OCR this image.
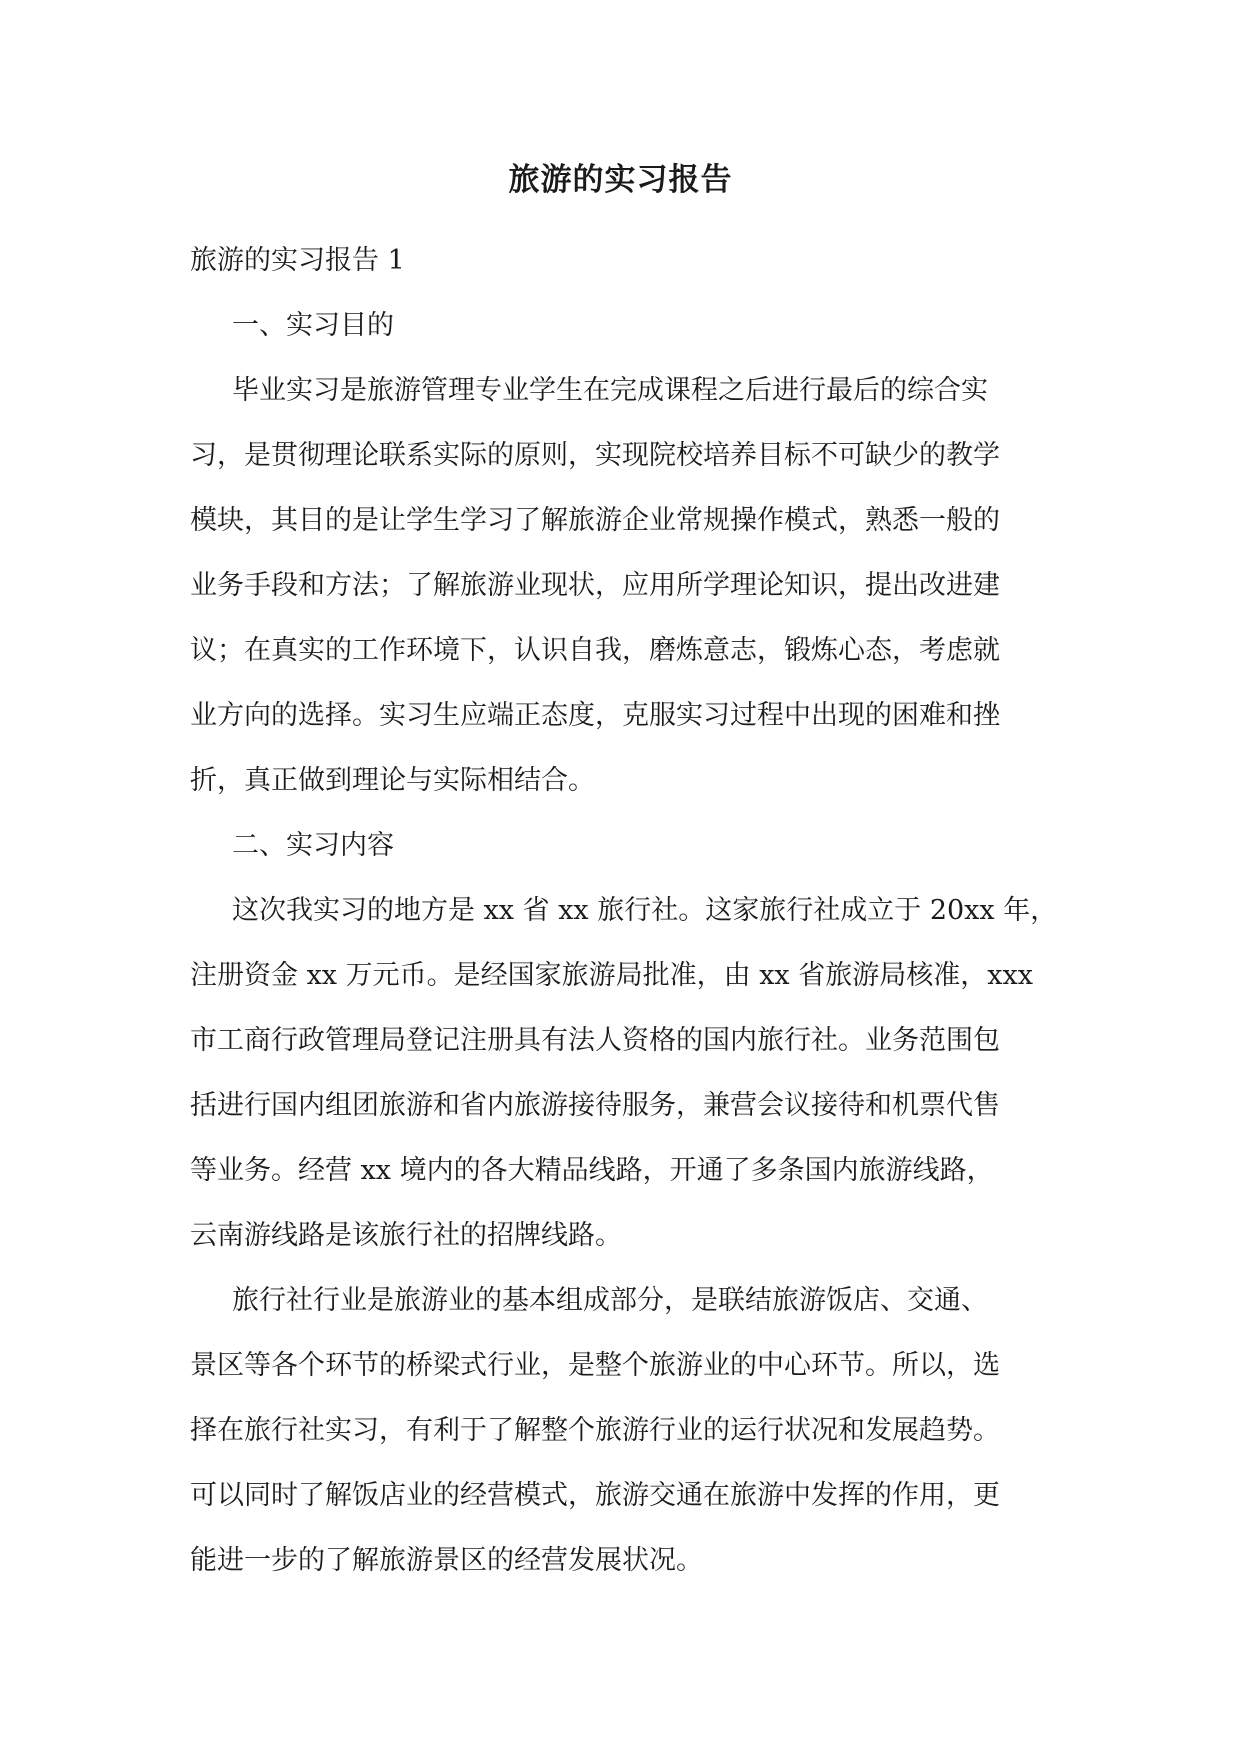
旅游的实习报告
旅游的实习报告 1
一、实习目的
毕业实习是旅游管理专业学生在完成课程之后进行最后的综合实
习，是贯彻理论联系实际的原则，实现院校培养目标不可缺少的教学
模块，其目的是让学生学习了解旅游企业常规操作模式，熟悉一般的
业务手段和方法；了解旅游业现状，应用所学理论知识，提出改进建
议；在真实的工作环境下，认识自我，磨炼意志，锻炼心态，考虑就
业方向的选择。实习生应端正态度，克服实习过程中出现的困难和挫
折，真正做到理论与实际相结合。
二、实习内容
这次我实习的地方是 xx 省 xx 旅行社。这家旅行社成立于 20xx 年，
注册资金 xx 万元币。是经国家旅游局批准，由 xx 省旅游局核准，xxx
市工商行政管理局登记注册具有法人资格的国内旅行社。业务范围包
括进行国内组团旅游和省内旅游接待服务，兼营会议接待和机票代售
等业务。经营 xx 境内的各大精品线路，开通了多条国内旅游线路，
云南游线路是该旅行社的招牌线路。
旅行社行业是旅游业的基本组成部分，是联结旅游饭店、交通、
景区等各个环节的桥梁式行业，是整个旅游业的中心环节。所以，选
择在旅行社实习，有利于了解整个旅游行业的运行状况和发展趋势。
可以同时了解饭店业的经营模式，旅游交通在旅游中发挥的作用，更
能进一步的了解旅游景区的经营发展状况。
